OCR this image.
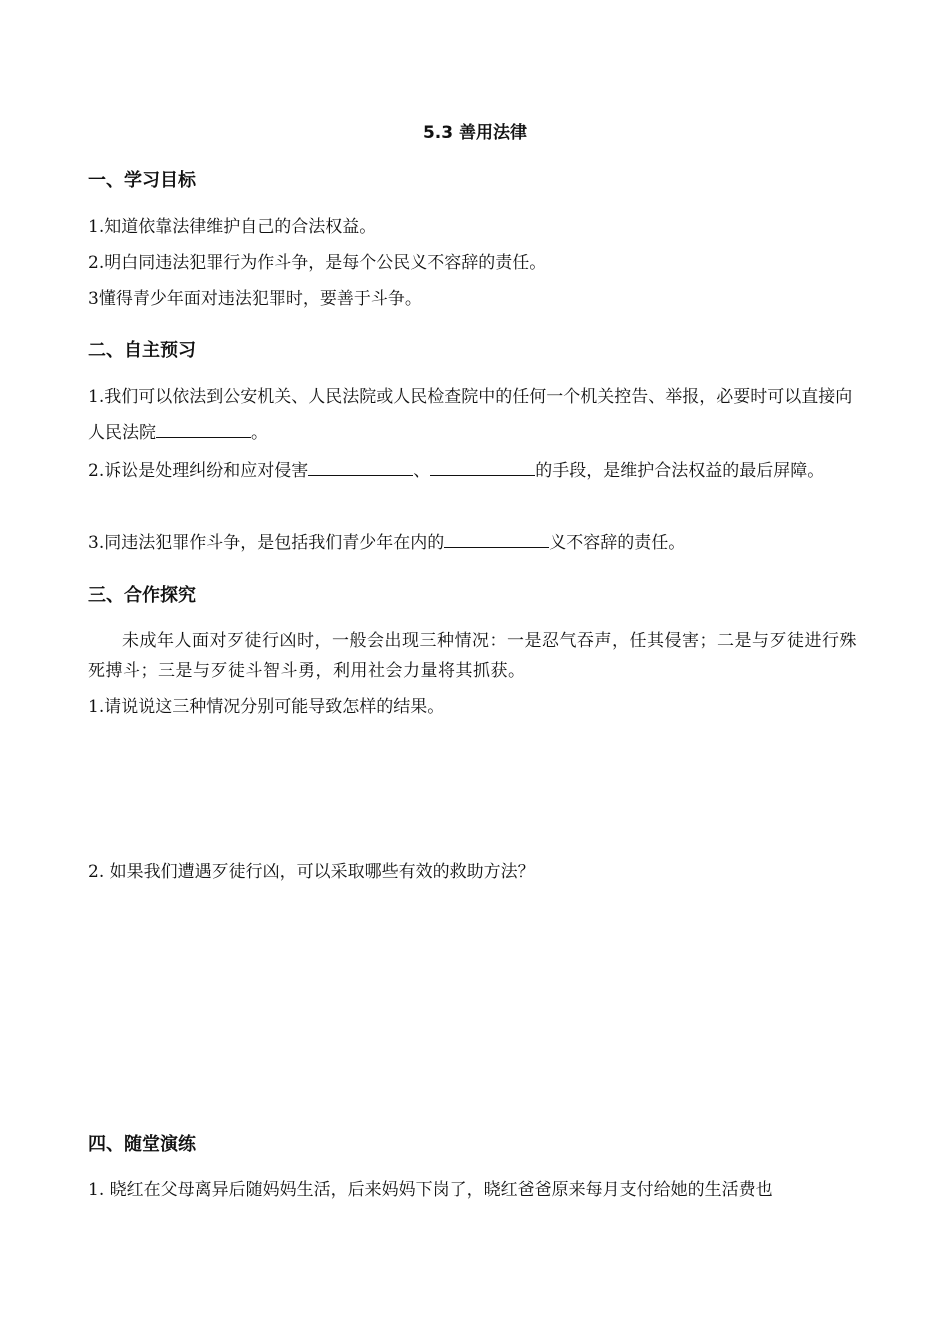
5.3 善用法律
一、学习目标
1.知道依靠法律维护自己的合法权益。
2.明白同违法犯罪行为作斗争，是每个公民义不容辞的责任。
3懂得青少年面对违法犯罪时，要善于斗争。
二、自主预习
1.我们可以依法到公安机关、人民法院或人民检查院中的任何一个机关控告、举报，必要时可以直接向人民法院	。
2.诉讼是处理纠纷和应对侵害	、	的手段，是维护合法权益的最后屏障。
3.同违法犯罪作斗争，是包括我们青少年在内的	义不容辞的责任。
三、合作探究
未成年人面对歹徒行凶时，一般会出现三种情况：一是忍气吞声，任其侵害；二是与歹徒进行殊死搏斗；三是与歹徒斗智斗勇，利用社会力量将其抓获。
1.请说说这三种情况分别可能导致怎样的结果。
2. 如果我们遭遇歹徒行凶，可以采取哪些有效的救助方法？
四、随堂演练
1. 晓红在父母离异后随妈妈生活，后来妈妈下岗了，晓红爸爸原来每月支付给她的生活费也
